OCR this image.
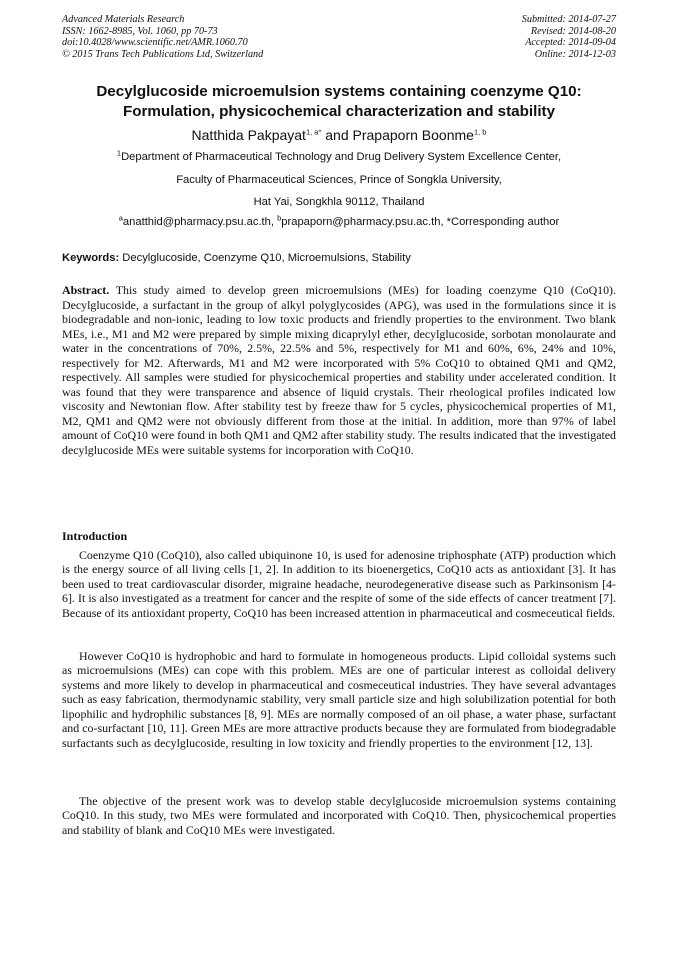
Advanced Materials Research
ISSN: 1662-8985, Vol. 1060, pp 70-73
doi:10.4028/www.scientific.net/AMR.1060.70
© 2015 Trans Tech Publications Ltd, Switzerland
Submitted: 2014-07-27
Revised: 2014-08-20
Accepted: 2014-09-04
Online: 2014-12-03
Decylglucoside microemulsion systems containing coenzyme Q10:
Formulation, physicochemical characterization and stability
Natthida Pakpayat$^{1, a*}$ and Prapaporn Boonme$^{1, b}$
$^1$Department of Pharmaceutical Technology and Drug Delivery System Excellence Center,
Faculty of Pharmaceutical Sciences, Prince of Songkla University,
Hat Yai, Songkhla 90112, Thailand
$^a$anatthid@pharmacy.psu.ac.th, $^b$prapaporn@pharmacy.psu.ac.th, *Corresponding author
Keywords: Decylglucoside, Coenzyme Q10, Microemulsions, Stability
Abstract. This study aimed to develop green microemulsions (MEs) for loading coenzyme Q10 (CoQ10). Decylglucoside, a surfactant in the group of alkyl polyglycosides (APG), was used in the formulations since it is biodegradable and non-ionic, leading to low toxic products and friendly properties to the environment. Two blank MEs, i.e., M1 and M2 were prepared by simple mixing dicaprylyl ether, decylglucoside, sorbotan monolaurate and water in the concentrations of 70%, 2.5%, 22.5% and 5%, respectively for M1 and 60%, 6%, 24% and 10%, respectively for M2. Afterwards, M1 and M2 were incorporated with 5% CoQ10 to obtained QM1 and QM2, respectively. All samples were studied for physicochemical properties and stability under accelerated condition. It was found that they were transparence and absence of liquid crystals. Their rheological profiles indicated low viscosity and Newtonian flow. After stability test by freeze thaw for 5 cycles, physicochemical properties of M1, M2, QM1 and QM2 were not obviously different from those at the initial. In addition, more than 97% of label amount of CoQ10 were found in both QM1 and QM2 after stability study. The results indicated that the investigated decylglucoside MEs were suitable systems for incorporation with CoQ10.
Introduction

Coenzyme Q10 (CoQ10), also called ubiquinone 10, is used for adenosine triphosphate (ATP) production which is the energy source of all living cells [1, 2]. In addition to its bioenergetics, CoQ10 acts as antioxidant [3]. It has been used to treat cardiovascular disorder, migraine headache, neurodegenerative disease such as Parkinsonism [4-6]. It is also investigated as a treatment for cancer and the respite of some of the side effects of cancer treatment [7]. Because of its antioxidant property, CoQ10 has been increased attention in pharmaceutical and cosmeceutical fields.

However CoQ10 is hydrophobic and hard to formulate in homogeneous products. Lipid colloidal systems such as microemulsions (MEs) can cope with this problem. MEs are one of particular interest as colloidal delivery systems and more likely to develop in pharmaceutical and cosmeceutical industries. They have several advantages such as easy fabrication, thermodynamic stability, very small particle size and high solubilization potential for both lipophilic and hydrophilic substances [8, 9]. MEs are normally composed of an oil phase, a water phase, surfactant and co-surfactant [10, 11]. Green MEs are more attractive products because they are formulated from biodegradable surfactants such as decylglucoside, resulting in low toxicity and friendly properties to the environment [12, 13].

The objective of the present work was to develop stable decylglucoside microemulsion systems containing CoQ10. In this study, two MEs were formulated and incorporated with CoQ10. Then, physicochemical properties and stability of blank and CoQ10 MEs were investigated.
